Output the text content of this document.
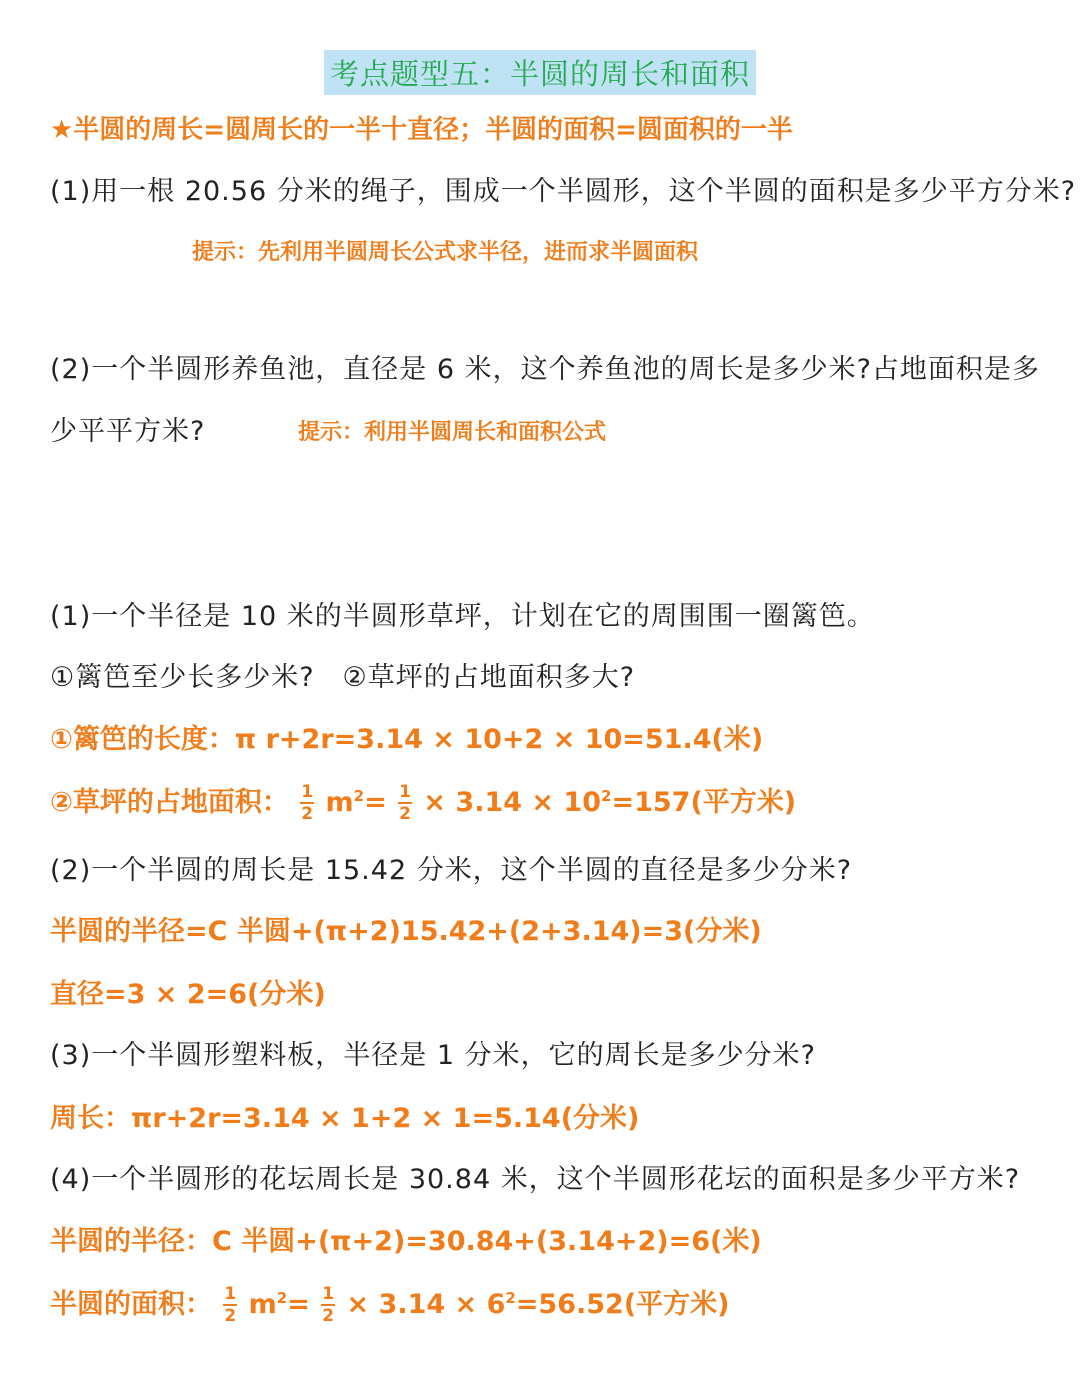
考点题型五：半圆的周长和面积
★半圆的周长=圆周长的一半十直径；半圆的面积=圆面积的一半
(1)用一根 20.56 分米的绳子，围成一个半圆形，这个半圆的面积是多少平方分米?
提示：先利用半圆周长公式求半径，进而求半圆面积
(2)一个半圆形养鱼池，直径是 6 米，这个养鱼池的周长是多少米?占地面积是多
少平平方米?	提示：利用半圆周长和面积公式
(1)一个半径是 10 米的半圆形草坪，计划在它的周围围一圈篱笆。
①篱笆至少长多少米?　②草坪的占地面积多大?
①篱笆的长度：π r+2r=3.14 × 10+2 × 10=51.4(米)
②草坪的占地面积： $\frac{1}{2} m^2= \frac{1}{2} \times 3.14 \times 10^2=157$(平方米)
(2)一个半圆的周长是 15.42 分米，这个半圆的直径是多少分米?
半圆的半径=C 半圆+(π+2)15.42+(2+3.14)=3(分米)
直径=3 × 2=6(分米)
(3)一个半圆形塑料板，半径是 1 分米，它的周长是多少分米?
周长：πr+2r=3.14 × 1+2 × 1=5.14(分米)
(4)一个半圆形的花坛周长是 30.84 米，这个半圆形花坛的面积是多少平方米?
半圆的半径：C 半圆+(π+2)=30.84+(3.14+2)=6(米)
半圆的面积： $\frac{1}{2} m^2= \frac{1}{2} \times 3.14 \times 6^2=56.52$(平方米)
